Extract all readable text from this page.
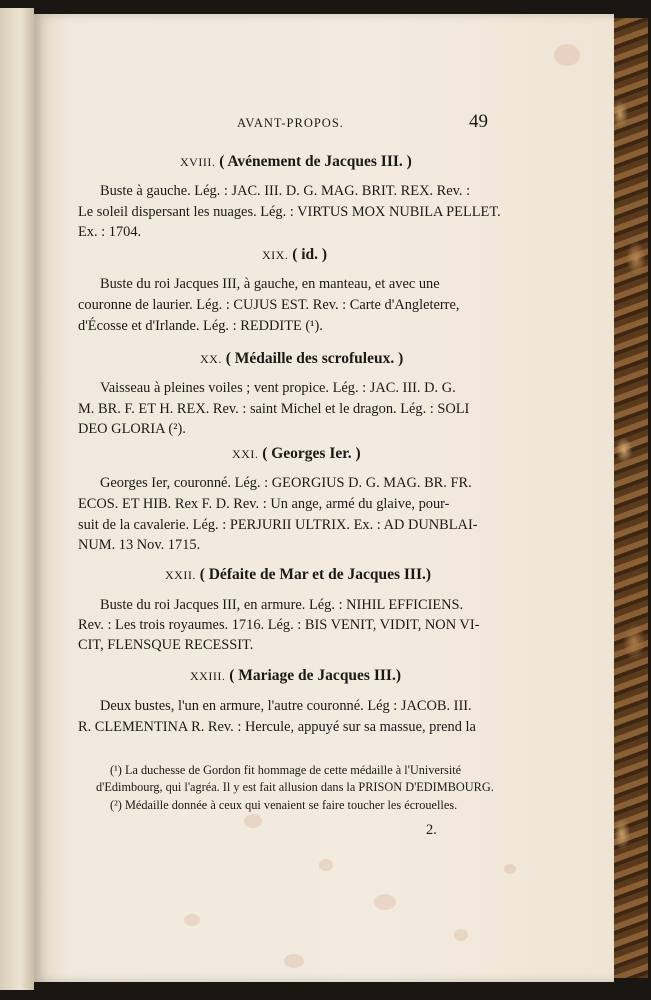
AVANT-PROPOS.	49
XVIII. ( Avénement de Jacques III. )
Buste à gauche. Lég. : JAC. III. D. G. MAG. BRIT. REX. Rev. :
Le soleil dispersant les nuages. Lég. : VIRTUS MOX NUBILA PELLET.
Ex. : 1704.
XIX. ( id. )
Buste du roi Jacques III, à gauche, en manteau, et avec une
couronne de laurier. Lég. : CUJUS EST. Rev. : Carte d'Angleterre,
d'Écosse et d'Irlande. Lég. : REDDITE (¹).
XX. ( Médaille des scrofuleux. )
Vaisseau à pleines voiles ; vent propice. Lég. : JAC. III. D. G.
M. BR. F. ET H. REX. Rev. : saint Michel et le dragon. Lég. : SOLI
DEO GLORIA (²).
XXI. ( Georges Ier. )
Georges Ier, couronné. Lég. : GEORGIUS D. G. MAG. BR. FR.
ECOS. ET HIB. Rex F. D. Rev. : Un ange, armé du glaive, pour-
suit de la cavalerie. Lég. : PERJURII ULTRIX. Ex. : AD DUNBLAI-
NUM. 13 Nov. 1715.
XXII. ( Défaite de Mar et de Jacques III.)
Buste du roi Jacques III, en armure. Lég. : NIHIL EFFICIENS.
Rev. : Les trois royaumes. 1716. Lég. : BIS VENIT, VIDIT, NON VI-
CIT, FLENSQUE RECESSIT.
XXIII. ( Mariage de Jacques III.)
Deux bustes, l'un en armure, l'autre couronné. Lég : JACOB. III.
R. CLEMENTINA R. Rev. : Hercule, appuyé sur sa massue, prend la
(¹) La duchesse de Gordon fit hommage de cette médaille à l'Université
d'Edimbourg, qui l'agréa. Il y est fait allusion dans la PRISON D'EDIMBOURG.
(²) Médaille donnée à ceux qui venaient se faire toucher les écrouelles.
2.
